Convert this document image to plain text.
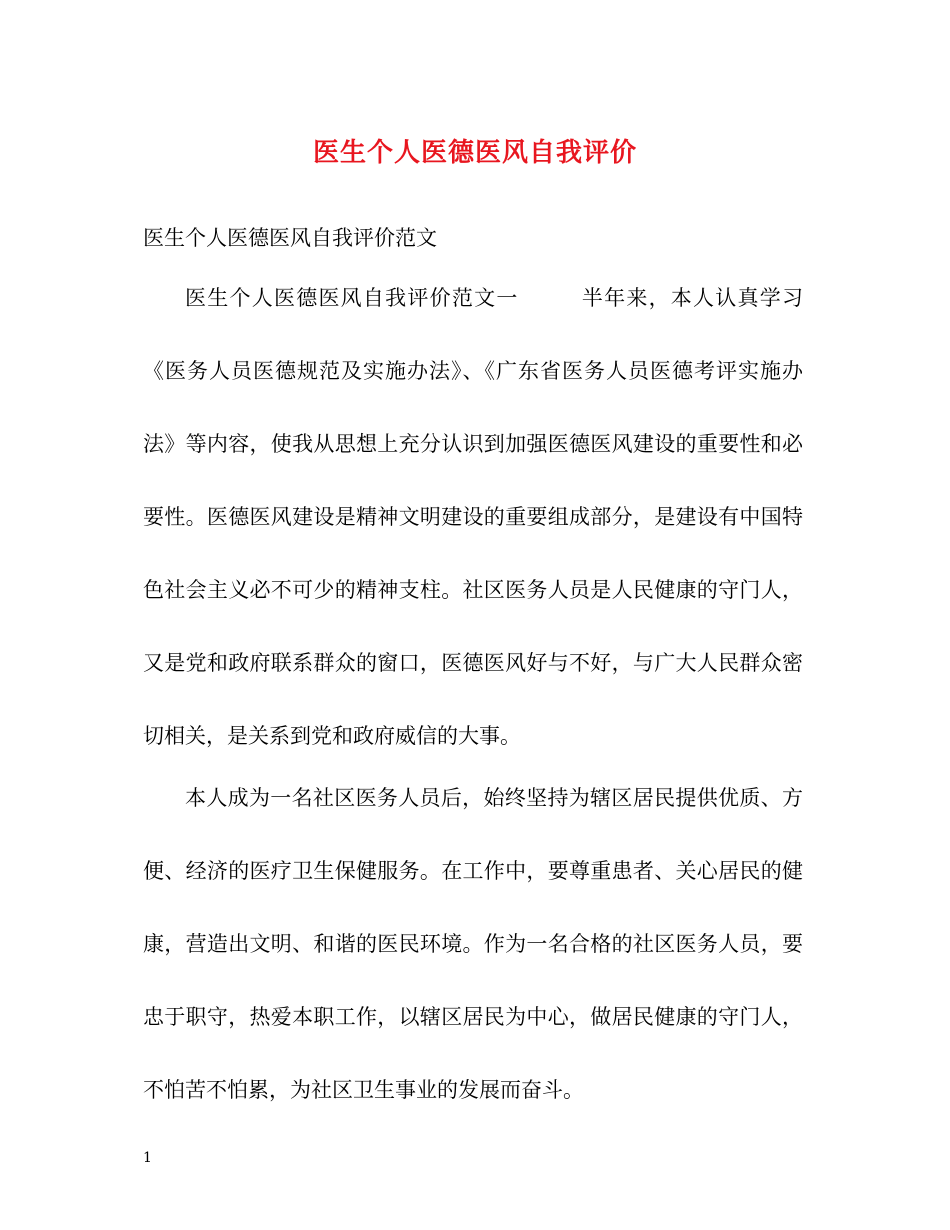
医生个人医德医风自我评价
医生个人医德医风自我评价范文

医生个人医德医风自我评价范文一	半年来，本人认真学习《医务人员医德规范及实施办法》、《广东省医务人员医德考评实施办法》等内容，使我从思想上充分认识到加强医德医风建设的重要性和必要性。医德医风建设是精神文明建设的重要组成部分，是建设有中国特色社会主义必不可少的精神支柱。社区医务人员是人民健康的守门人，又是党和政府联系群众的窗口，医德医风好与不好，与广大人民群众密切相关，是关系到党和政府威信的大事。

本人成为一名社区医务人员后，始终坚持为辖区居民提供优质、方便、经济的医疗卫生保健服务。在工作中，要尊重患者、关心居民的健康，营造出文明、和谐的医民环境。作为一名合格的社区医务人员，要忠于职守，热爱本职工作，以辖区居民为中心，做居民健康的守门人，不怕苦不怕累，为社区卫生事业的发展而奋斗。

1
